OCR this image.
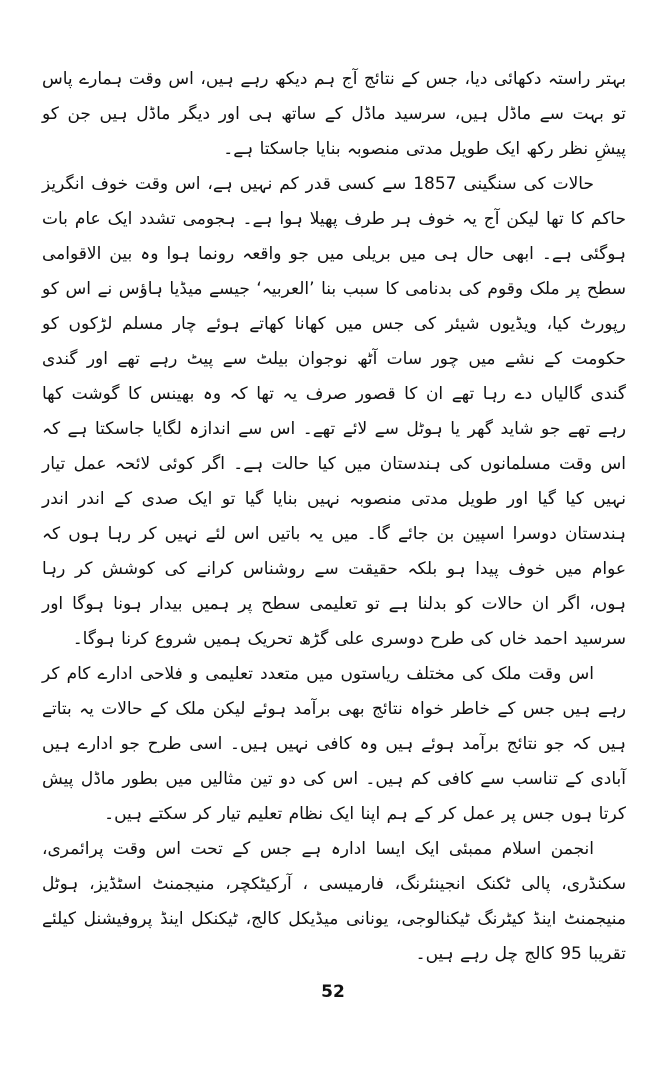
بہتر راستہ دکھائی دیا، جس کے نتائج آج ہم دیکھ رہے ہیں، اس وقت ہمارے پاس تو بہت سے ماڈل ہیں، سرسید ماڈل کے ساتھ ہی اور دیگر ماڈل ہیں جن کو پیشِ نظر رکھ ایک طویل مدتی منصوبہ بنایا جاسکتا ہے۔

حالات کی سنگینی 1857 سے کسی قدر کم نہیں ہے، اس وقت خوف انگریز حاکم کا تھا لیکن آج یہ خوف ہر طرف پھیلا ہوا ہے۔ ہجومی تشدد ایک عام بات ہوگئی ہے۔ ابھی حال ہی میں بریلی میں جو واقعہ رونما ہوا وہ بین الاقوامی سطح پر ملک وقوم کی بدنامی کا سبب بنا ’العربیہ‘ جیسے میڈیا ہاؤس نے اس کو رپورٹ کیا، ویڈیوں شیئر کی جس میں کھانا کھاتے ہوئے چار مسلم لڑکوں کو حکومت کے نشے میں چور سات آٹھ نوجوان بیلٹ سے پیٹ رہے تھے اور گندی گندی گالیاں دے رہا تھے ان کا قصور صرف یہ تھا کہ وہ بھینس کا گوشت کھا رہے تھے جو شاید گھر یا ہوٹل سے لائے تھے۔ اس سے اندازہ لگایا جاسکتا ہے کہ اس وقت مسلمانوں کی ہندستان میں کیا حالت ہے۔ اگر کوئی لائحہ عمل تیار نہیں کیا گیا اور طویل مدتی منصوبہ نہیں بنایا گیا تو ایک صدی کے اندر اندر ہندستان دوسرا اسپین بن جائے گا۔ میں یہ باتیں اس لئے نہیں کر رہا ہوں کہ عوام میں خوف پیدا ہو بلکہ حقیقت سے روشناس کرانے کی کوشش کر رہا ہوں، اگر ان حالات کو بدلنا ہے تو تعلیمی سطح پر ہمیں بیدار ہونا ہوگا اور سرسید احمد خاں کی طرح دوسری علی گڑھ تحریک ہمیں شروع کرنا ہوگا۔

اس وقت ملک کی مختلف ریاستوں میں متعدد تعلیمی و فلاحی ادارے کام کر رہے ہیں جس کے خاطر خواہ نتائج بھی برآمد ہوئے لیکن ملک کے حالات یہ بتاتے ہیں کہ جو نتائج برآمد ہوئے ہیں وہ کافی نہیں ہیں۔ اسی طرح جو ادارے ہیں آبادی کے تناسب سے کافی کم ہیں۔ اس کی دو تین مثالیں میں بطور ماڈل پیش کرتا ہوں جس پر عمل کر کے ہم اپنا ایک نظام تعلیم تیار کر سکتے ہیں۔

انجمن اسلام ممبئی ایک ایسا ادارہ ہے جس کے تحت اس وقت پرائمری، سکنڈری، پالی ٹکنک انجینئرنگ، فارمیسی ، آرکیٹکچر، منیجمنٹ اسٹڈیز، ہوٹل منیجمنٹ اینڈ کیٹرنگ ٹیکنالوجی، یونانی میڈیکل کالج، ٹیکنکل اینڈ پروفیشنل کیلئے تقریبا 95 کالج چل رہے ہیں۔

52
